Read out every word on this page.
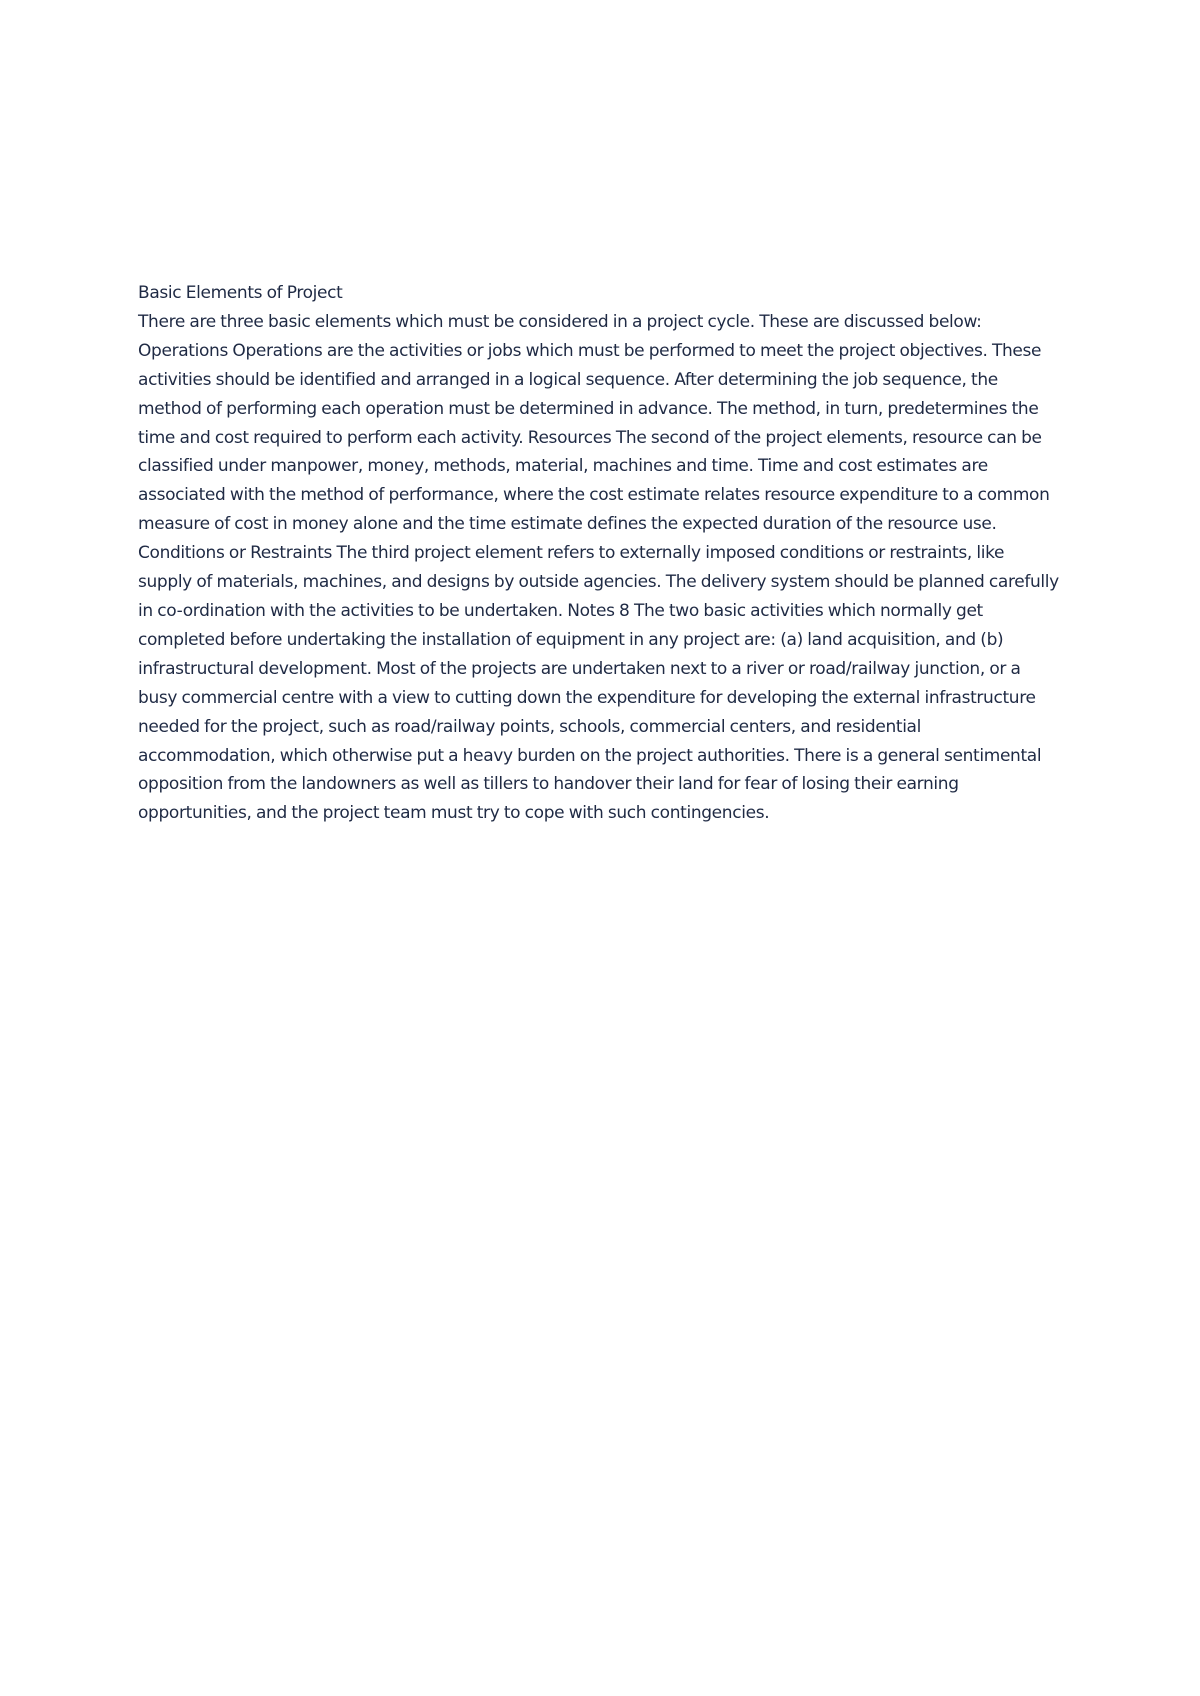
Basic Elements of Project
There are three basic elements which must be considered in a project cycle. These are discussed below:
Operations Operations are the activities or jobs which must be performed to meet the project objectives. These
activities should be identified and arranged in a logical sequence. After determining the job sequence, the
method of performing each operation must be determined in advance. The method, in turn, predetermines the
time and cost required to perform each activity. Resources The second of the project elements, resource can be
classified under manpower, money, methods, material, machines and time. Time and cost estimates are
associated with the method of performance, where the cost estimate relates resource expenditure to a common
measure of cost in money alone and the time estimate defines the expected duration of the resource use.
Conditions or Restraints The third project element refers to externally imposed conditions or restraints, like
supply of materials, machines, and designs by outside agencies. The delivery system should be planned carefully
in co-ordination with the activities to be undertaken. Notes 8 The two basic activities which normally get
completed before undertaking the installation of equipment in any project are: (a) land acquisition, and (b)
infrastructural development. Most of the projects are undertaken next to a river or road/railway junction, or a
busy commercial centre with a view to cutting down the expenditure for developing the external infrastructure
needed for the project, such as road/railway points, schools, commercial centers, and residential
accommodation, which otherwise put a heavy burden on the project authorities. There is a general sentimental
opposition from the landowners as well as tillers to handover their land for fear of losing their earning
opportunities, and the project team must try to cope with such contingencies.
